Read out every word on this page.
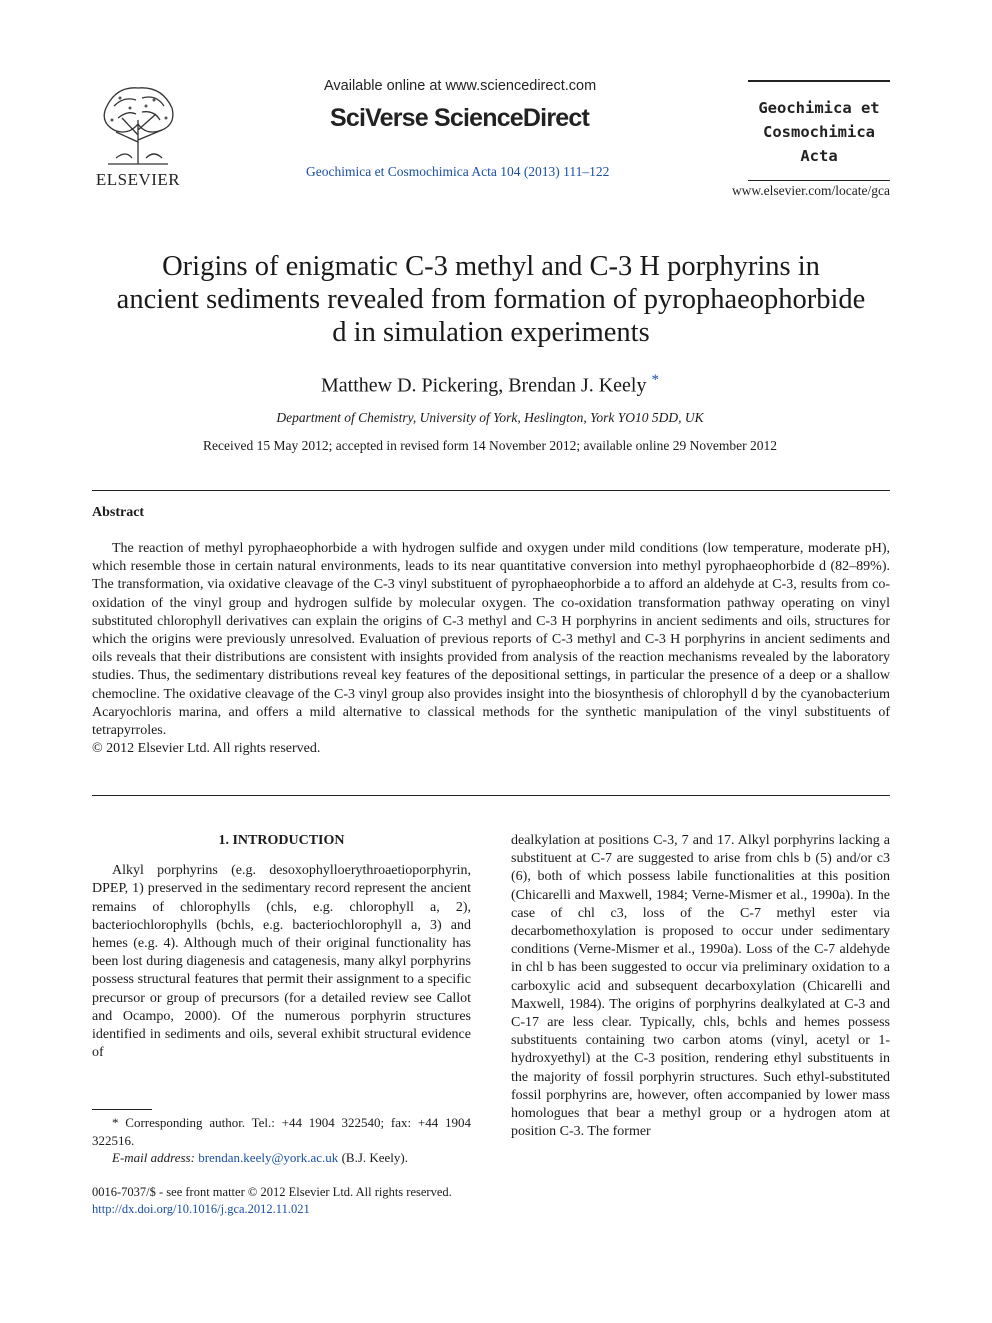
ELSEVIER
Available online at www.sciencedirect.com
SciVerse ScienceDirect
Geochimica et Cosmochimica Acta 104 (2013) 111–122
Geochimica et
Cosmochimica
Acta
www.elsevier.com/locate/gca
Origins of enigmatic C-3 methyl and C-3 H porphyrins in
ancient sediments revealed from formation of pyrophaeophorbide
d in simulation experiments
Matthew D. Pickering, Brendan J. Keely *
Department of Chemistry, University of York, Heslington, York YO10 5DD, UK
Received 15 May 2012; accepted in revised form 14 November 2012; available online 29 November 2012
Abstract

The reaction of methyl pyrophaeophorbide a with hydrogen sulfide and oxygen under mild conditions (low temperature, moderate pH), which resemble those in certain natural environments, leads to its near quantitative conversion into methyl pyrophaeophorbide d (82–89%). The transformation, via oxidative cleavage of the C-3 vinyl substituent of pyrophaeophorbide a to afford an aldehyde at C-3, results from co-oxidation of the vinyl group and hydrogen sulfide by molecular oxygen. The co-oxidation transformation pathway operating on vinyl substituted chlorophyll derivatives can explain the origins of C-3 methyl and C-3 H porphyrins in ancient sediments and oils, structures for which the origins were previously unresolved. Evaluation of previous reports of C-3 methyl and C-3 H porphyrins in ancient sediments and oils reveals that their distributions are consistent with insights provided from analysis of the reaction mechanisms revealed by the laboratory studies. Thus, the sedimentary distributions reveal key features of the depositional settings, in particular the presence of a deep or a shallow chemocline. The oxidative cleavage of the C-3 vinyl group also provides insight into the biosynthesis of chlorophyll d by the cyanobacterium Acaryochloris marina, and offers a mild alternative to classical methods for the synthetic manipulation of the vinyl substituents of tetrapyrroles.

© 2012 Elsevier Ltd. All rights reserved.

1. INTRODUCTION

Alkyl porphyrins (e.g. desoxophylloerythroaetioporphyrin, DPEP, 1) preserved in the sedimentary record represent the ancient remains of chlorophylls (chls, e.g. chlorophyll a, 2), bacteriochlorophylls (bchls, e.g. bacteriochlorophyll a, 3) and hemes (e.g. 4). Although much of their original functionality has been lost during diagenesis and catagenesis, many alkyl porphyrins possess structural features that permit their assignment to a specific precursor or group of precursors (for a detailed review see Callot and Ocampo, 2000). Of the numerous porphyrin structures identified in sediments and oils, several exhibit structural evidence of

dealkylation at positions C-3, 7 and 17. Alkyl porphyrins lacking a substituent at C-7 are suggested to arise from chls b (5) and/or c3 (6), both of which possess labile functionalities at this position (Chicarelli and Maxwell, 1984; Verne-Mismer et al., 1990a). In the case of chl c3, loss of the C-7 methyl ester via decarbomethoxylation is proposed to occur under sedimentary conditions (Verne-Mismer et al., 1990a). Loss of the C-7 aldehyde in chl b has been suggested to occur via preliminary oxidation to a carboxylic acid and subsequent decarboxylation (Chicarelli and Maxwell, 1984). The origins of porphyrins dealkylated at C-3 and C-17 are less clear. Typically, chls, bchls and hemes possess substituents containing two carbon atoms (vinyl, acetyl or 1-hydroxyethyl) at the C-3 position, rendering ethyl substituents in the majority of fossil porphyrin structures. Such ethyl-substituted fossil porphyrins are, however, often accompanied by lower mass homologues that bear a methyl group or a hydrogen atom at position C-3. The former

* Corresponding author. Tel.: +44 1904 322540; fax: +44 1904 322516.

E-mail address: brendan.keely@york.ac.uk (B.J. Keely).

0016-7037/$ - see front matter © 2012 Elsevier Ltd. All rights reserved.
http://dx.doi.org/10.1016/j.gca.2012.11.021
